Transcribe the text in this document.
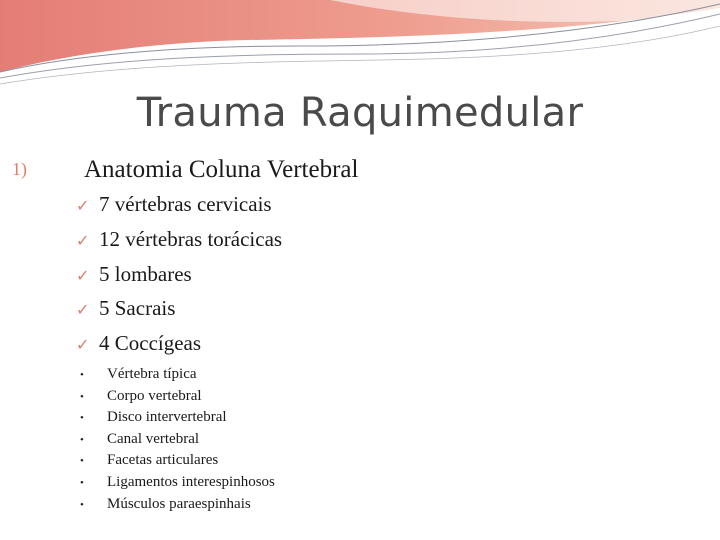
Trauma Raquimedular
1) Anatomia Coluna Vertebral
✓ 7 vértebras cervicais
✓ 12 vértebras torácicas
✓ 5 lombares
✓ 5 Sacrais
✓ 4 Coccígeas
• Vértebra típica
• Corpo vertebral
• Disco intervertebral
• Canal vertebral
• Facetas articulares
• Ligamentos interespinhosos
• Músculos paraespinhais
